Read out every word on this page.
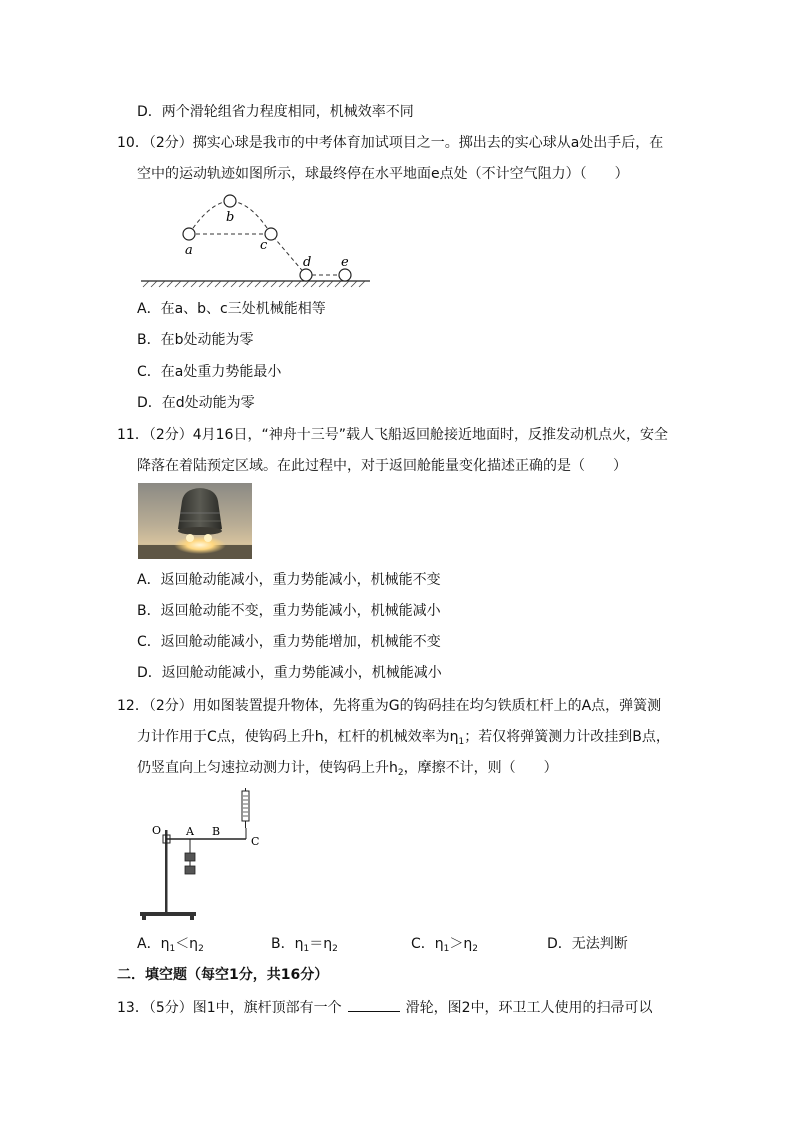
D．两个滑轮组省力程度相同，机械效率不同
10．（2分）掷实心球是我市的中考体育加试项目之一。掷出去的实心球从a处出手后，在
空中的运动轨迹如图所示，球最终停在水平地面e点处（不计空气阻力）（　　）
a
b
c
d e
A．在a、b、c三处机械能相等
B．在b处动能为零
C．在a处重力势能最小
D．在d处动能为零
11．（2分）4月16日，“神舟十三号”载人飞船返回舱接近地面时，反推发动机点火，安全
降落在着陆预定区域。在此过程中，对于返回舱能量变化描述正确的是（　　）
A．返回舱动能减小，重力势能减小，机械能不变
B．返回舱动能不变，重力势能减小，机械能减小
C．返回舱动能减小，重力势能增加，机械能不变
D．返回舱动能减小，重力势能减小，机械能减小
12．（2分）用如图装置提升物体，先将重为G的钩码挂在均匀铁质杠杆上的A点，弹簧测
力计作用于C点，使钩码上升h，杠杆的机械效率为$\eta_1$；若仅将弹簧测力计改挂到B点，
仍竖直向上匀速拉动测力计，使钩码上升$h_2$，摩擦不计，则（　　）
O A B
C
A．$\eta_1<\eta_2$	B．$\eta_1=\eta_2$	C．$\eta_1>\eta_2$	D．无法判断
二．填空题（每空1分，共16分）
13．（5分）图1中，旗杆顶部有一个	滑轮，图2中，环卫工人使用的扫帚可以
